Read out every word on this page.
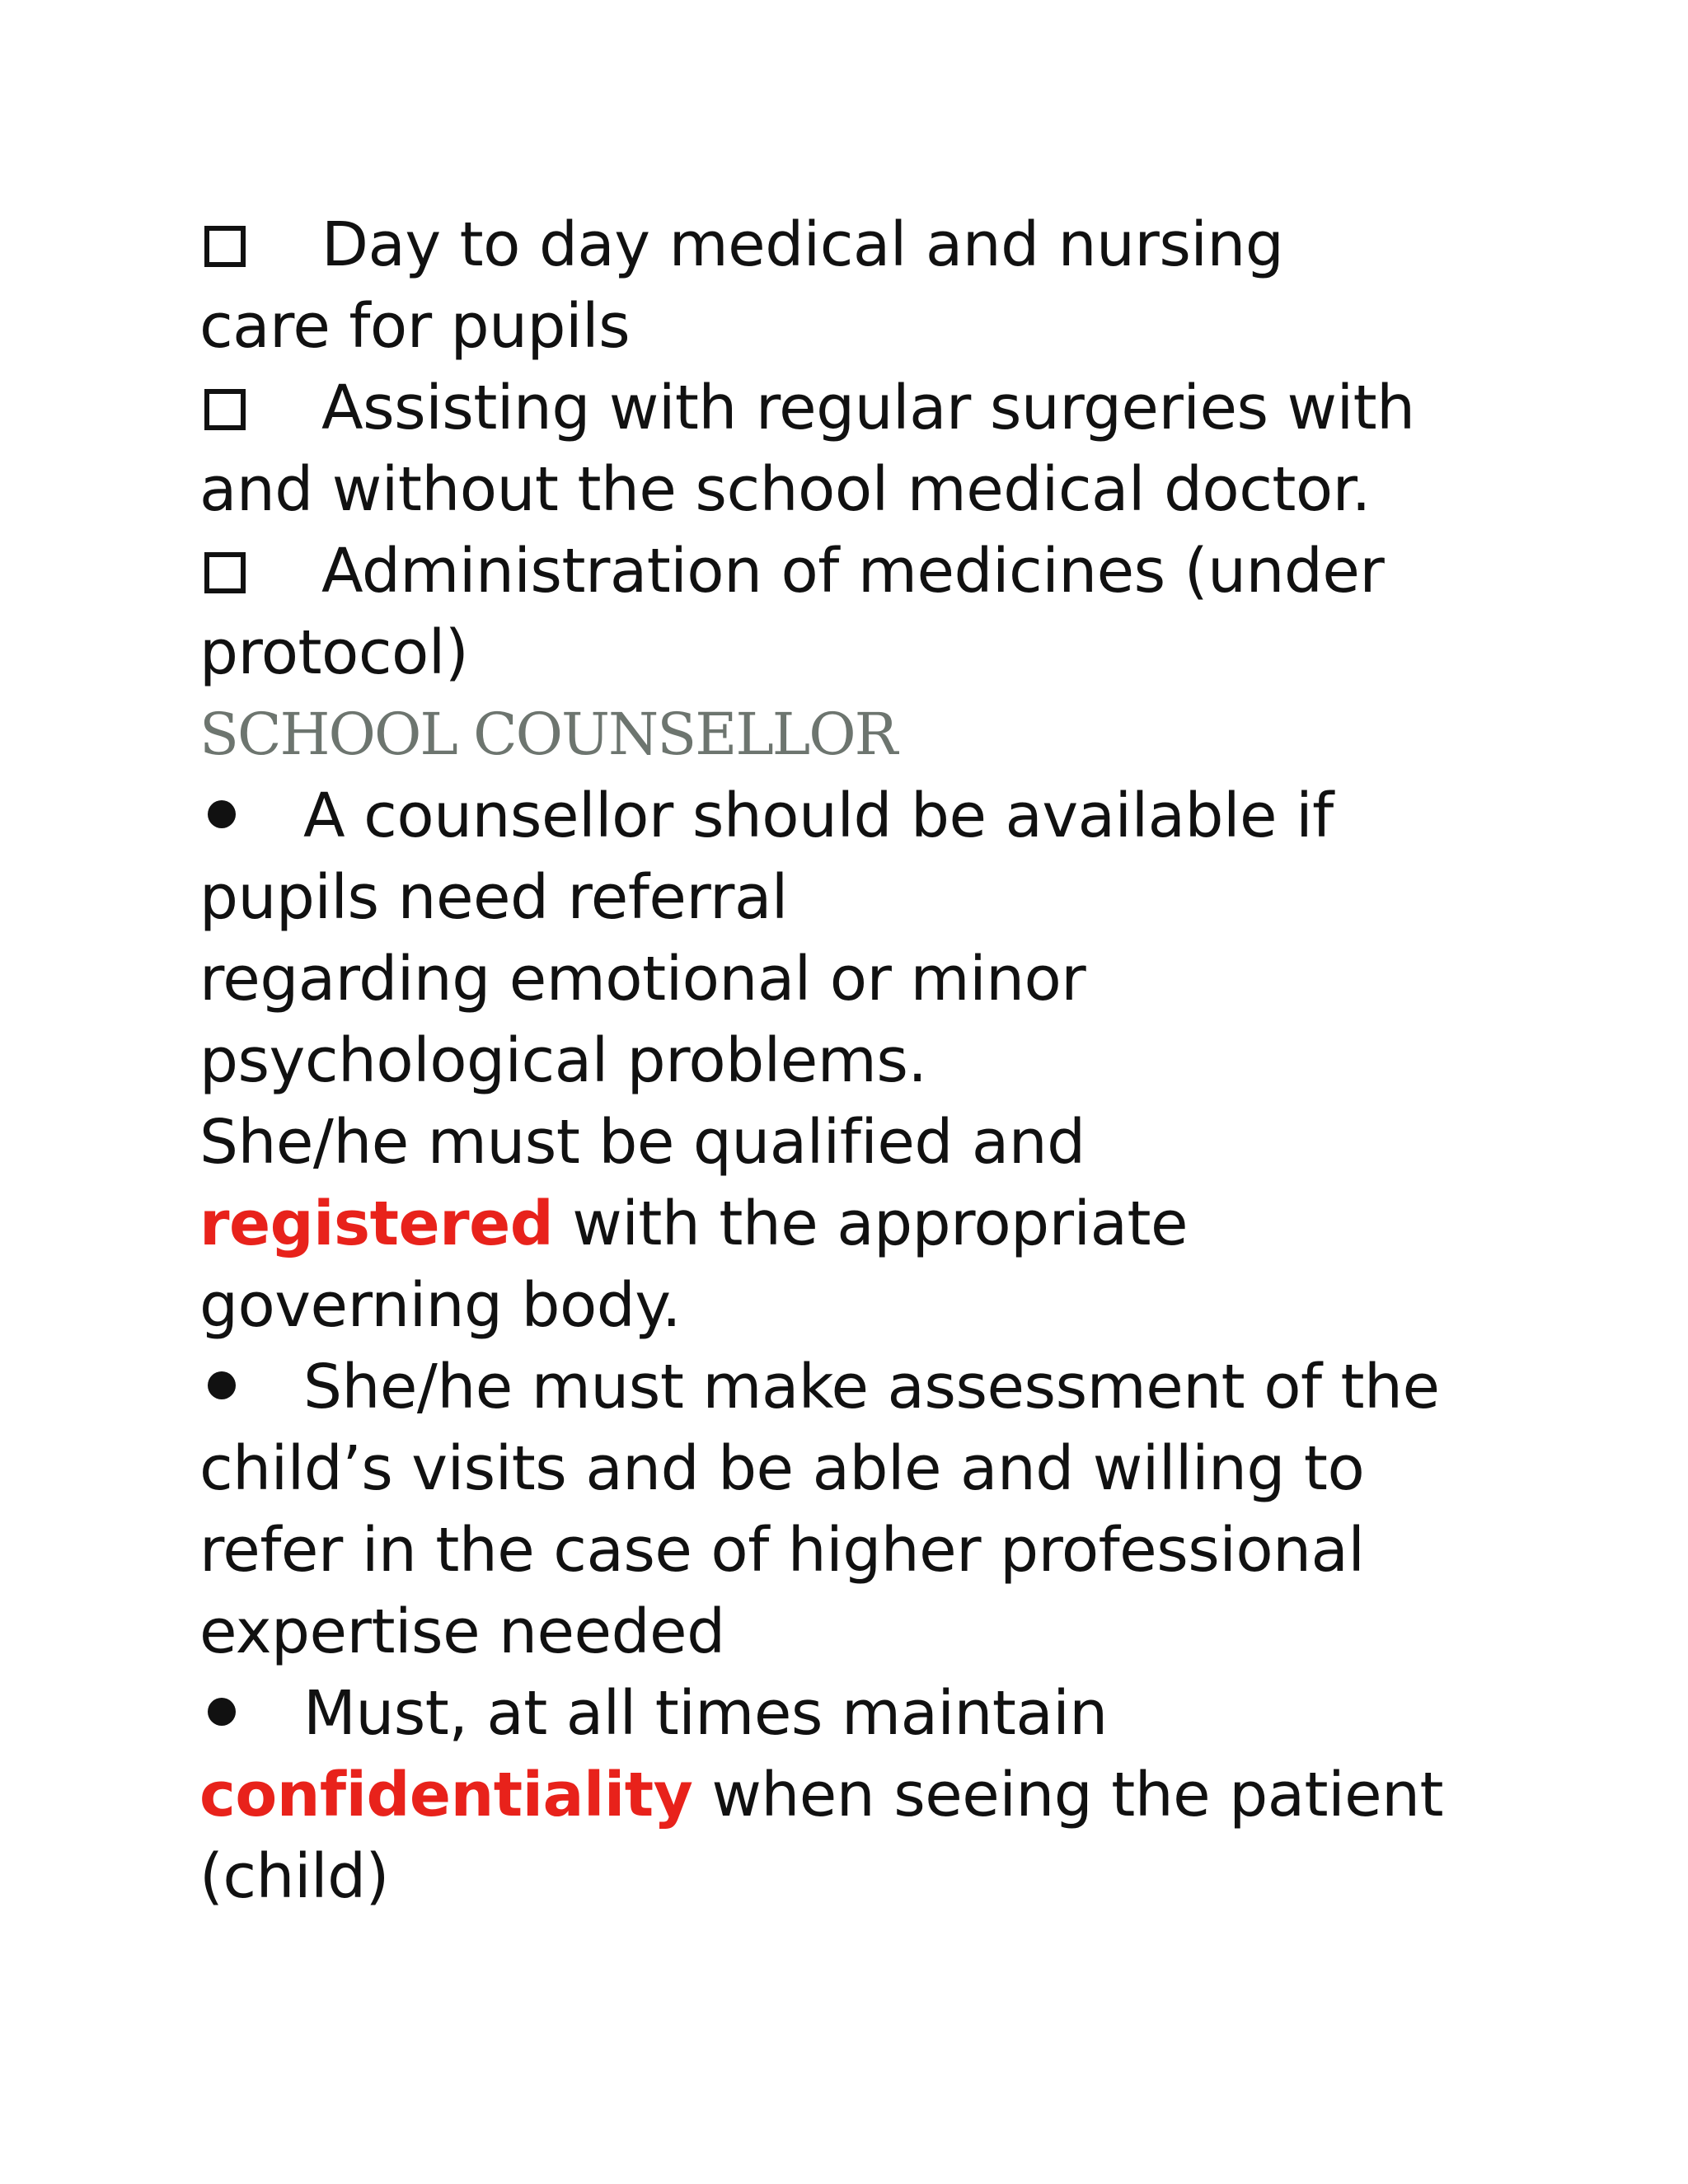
Day to day medical and nursing
care for pupils
Assisting with regular surgeries with
and without the school medical doctor.
Administration of medicines (under
protocol)
SCHOOL COUNSELLOR
A counsellor should be available if
pupils need referral
regarding emotional or minor
psychological problems.
She/he must be qualified and
registered with the appropriate
governing body.
She/he must make assessment of the
child’s visits and be able and willing to
refer in the case of higher professional
expertise needed
Must, at all times maintain
confidentiality when seeing the patient
(child)
